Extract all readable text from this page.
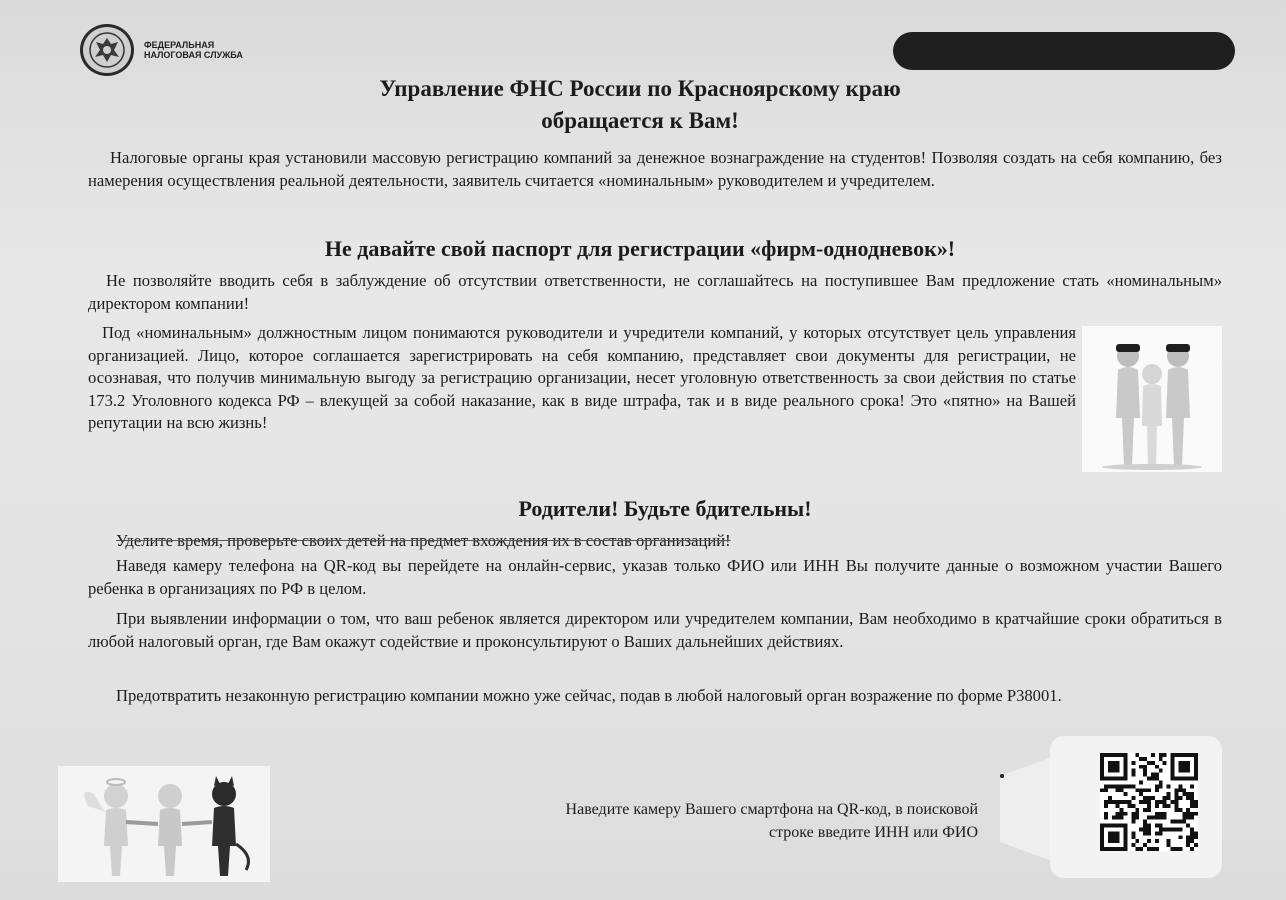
ФЕДЕРАЛЬНАЯ
НАЛОГОВАЯ СЛУЖБА
Управление ФНС России по Красноярскому краю
обращается к Вам!
Налоговые органы края установили массовую регистрацию компаний за денежное вознаграждение на студентов! Позволяя создать на себя компанию, без намерения осуществления реальной деятельности, заявитель считается «номинальным» руководителем и учредителем.
Не давайте свой паспорт для регистрации «фирм-однодневок»!
Не позволяйте вводить себя в заблуждение об отсутствии ответственности, не соглашайтесь на поступившее Вам предложение стать «номинальным» директором компании!
Под «номинальным» должностным лицом понимаются руководители и учредители компаний, у которых отсутствует цель управления организацией. Лицо, которое соглашается зарегистрировать на себя компанию, представляет свои документы для регистрации, не осознавая, что получив минимальную выгоду за регистрацию организации, несет уголовную ответственность за свои действия по статье 173.2 Уголовного кодекса РФ – влекущей за собой наказание, как в виде штрафа, так и в виде реального срока! Это «пятно» на Вашей репутации на всю жизнь!
Родители! Будьте бдительны!
Уделите время, проверьте своих детей на предмет вхождения их в состав организаций!
Наведя камеру телефона на QR-код вы перейдете на онлайн-сервис, указав только ФИО или ИНН Вы получите данные о возможном участии Вашего ребенка в организациях по РФ в целом.
При выявлении информации о том, что ваш ребенок является директором или учредителем компании, Вам необходимо в кратчайшие сроки обратиться в любой налоговый орган, где Вам окажут содействие и проконсультируют о Ваших дальнейших действиях.
Предотвратить незаконную регистрацию компании можно уже сейчас, подав в любой налоговый орган возражение по форме Р38001.
Наведите камеру Вашего смартфона на QR-код, в поисковой строке введите ИНН или ФИО
